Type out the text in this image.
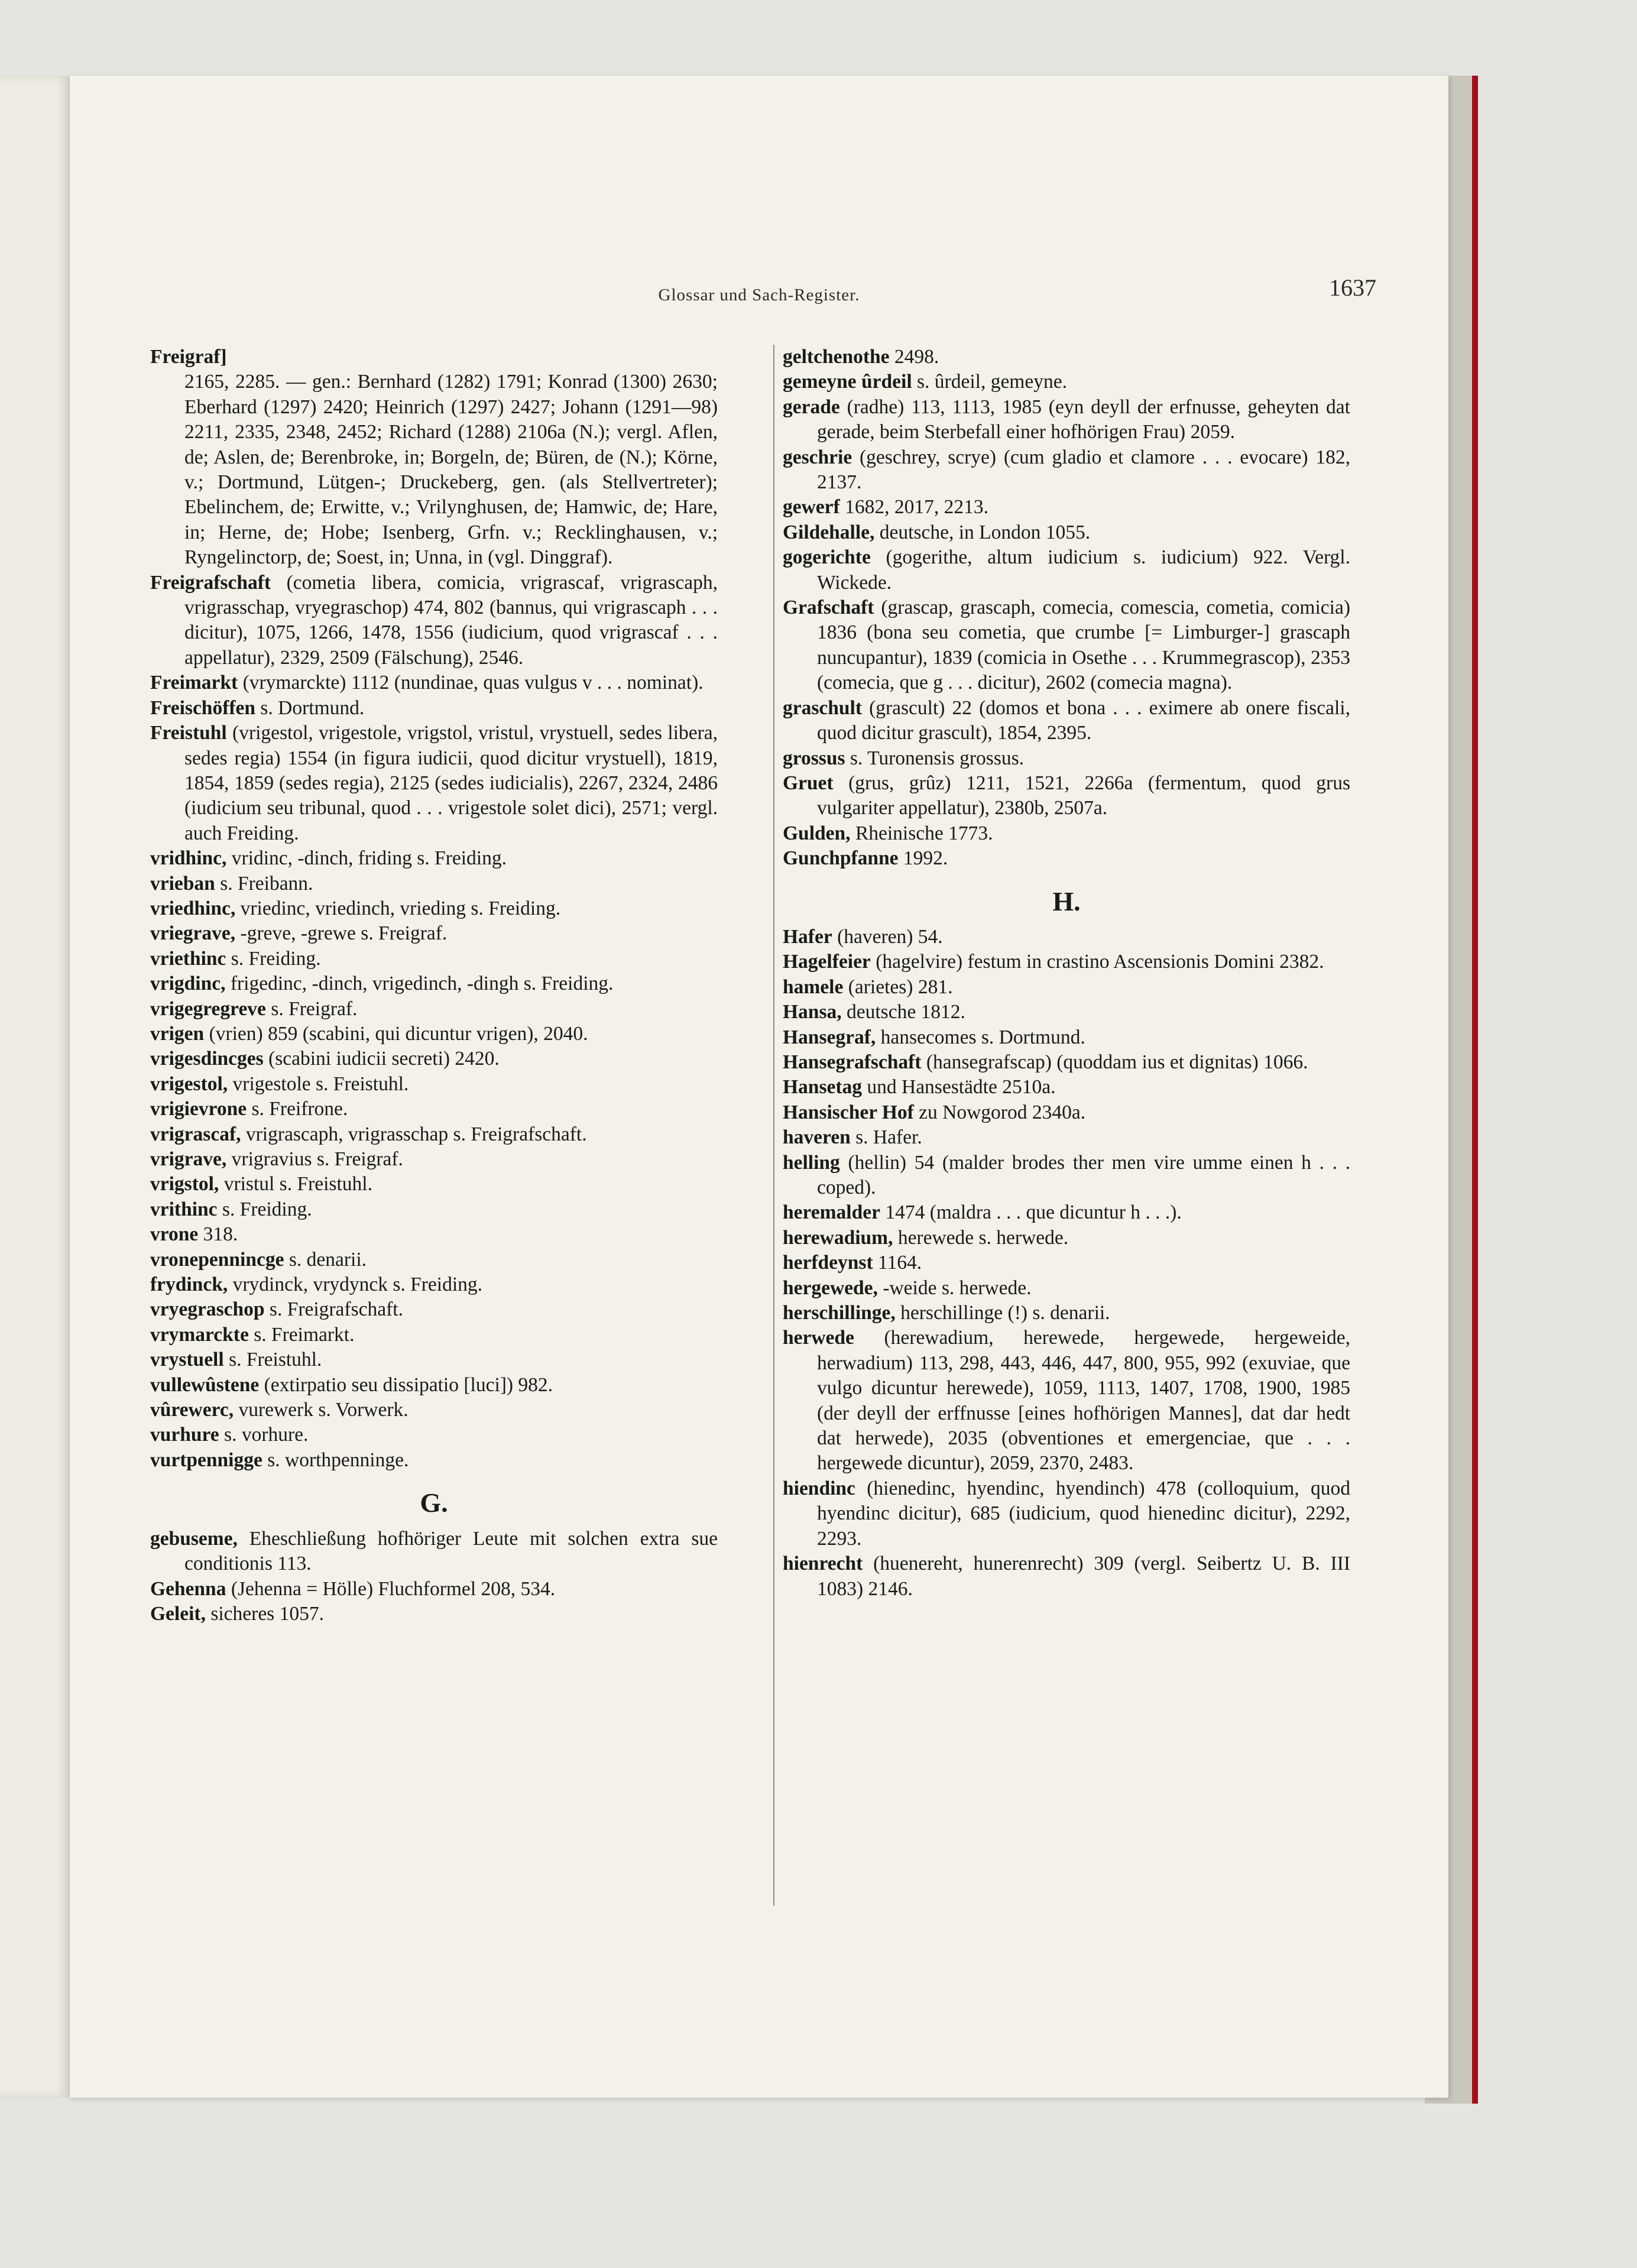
Glossar und Sach-Register.	1637

Freigraf]

2165, 2285. — gen.: Bernhard (1282) 1791; Konrad (1300) 2630; Eberhard (1297) 2420; Heinrich (1297) 2427; Johann (1291—98) 2211, 2335, 2348, 2452; Richard (1288) 2106a (N.); vergl. Aflen, de; Aslen, de; Berenbroke, in; Borgeln, de; Büren, de (N.); Körne, v.; Dortmund, Lütgen-; Druckeberg, gen. (als Stellvertreter); Ebelinchem, de; Erwitte, v.; Vrilynghusen, de; Hamwic, de; Hare, in; Herne, de; Hobe; Isenberg, Grfn. v.; Recklinghausen, v.; Ryngelinctorp, de; Soest, in; Unna, in (vgl. Dinggraf).

Freigrafschaft (cometia libera, comicia, vrigrascaf, vrigrascaph, vrigrasschap, vryegraschop) 474, 802 (bannus, qui vrigrascaph . . . dicitur), 1075, 1266, 1478, 1556 (iudicium, quod vrigrascaf . . . appellatur), 2329, 2509 (Fälschung), 2546.

Freimarkt (vrymarckte) 1112 (nundinae, quas vulgus v . . . nominat).

Freischöffen s. Dortmund.

Freistuhl (vrigestol, vrigestole, vrigstol, vristul, vrystuell, sedes libera, sedes regia) 1554 (in figura iudicii, quod dicitur vrystuell), 1819, 1854, 1859 (sedes regia), 2125 (sedes iudicialis), 2267, 2324, 2486 (iudicium seu tribunal, quod . . . vrigestole solet dici), 2571; vergl. auch Freiding.

vridhinc, vridinc, -dinch, friding s. Freiding.

vrieban s. Freibann.

vriedhinc, vriedinc, vriedinch, vrieding s. Freiding.

vriegrave, -greve, -grewe s. Freigraf.

vriethinc s. Freiding.

vrigdinc, frigedinc, -dinch, vrigedinch, -dingh s. Freiding.

vrigegregreve s. Freigraf.

vrigen (vrien) 859 (scabini, qui dicuntur vrigen), 2040.

vrigesdincges (scabini iudicii secreti) 2420.

vrigestol, vrigestole s. Freistuhl.

vrigievrone s. Freifrone.

vrigrascaf, vrigrascaph, vrigrasschap s. Freigrafschaft.

vrigrave, vrigravius s. Freigraf.

vrigstol, vristul s. Freistuhl.

vrithinc s. Freiding.

vrone 318.

vronepennincge s. denarii.

frydinck, vrydinck, vrydynck s. Freiding.

vryegraschop s. Freigrafschaft.

vrymarckte s. Freimarkt.

vrystuell s. Freistuhl.

vullewûstene (extirpatio seu dissipatio [luci]) 982.

vûrewerc, vurewerk s. Vorwerk.

vurhure s. vorhure.

vurtpennigge s. worthpenninge.

G.

gebuseme, Eheschließung hofhöriger Leute mit solchen extra sue conditionis 113.

Gehenna (Jehenna = Hölle) Fluchformel 208, 534.

Geleit, sicheres 1057.

geltchenothe 2498.

gemeyne ûrdeil s. ûrdeil, gemeyne.

gerade (radhe) 113, 1113, 1985 (eyn deyll der erfnusse, geheyten dat gerade, beim Sterbefall einer hofhörigen Frau) 2059.

geschrie (geschrey, scrye) (cum gladio et clamore . . . evocare) 182, 2137.

gewerf 1682, 2017, 2213.

Gildehalle, deutsche, in London 1055.

gogerichte (gogerithe, altum iudicium s. iudicium) 922. Vergl. Wickede.

Grafschaft (grascap, grascaph, comecia, comescia, cometia, comicia) 1836 (bona seu cometia, que crumbe [= Limburger-] grascaph nuncupantur), 1839 (comicia in Osethe . . . Krummegrascop), 2353 (comecia, que g . . . dicitur), 2602 (comecia magna).

graschult (grascult) 22 (domos et bona . . . eximere ab onere fiscali, quod dicitur grascult), 1854, 2395.

grossus s. Turonensis grossus.

Gruet (grus, grûz) 1211, 1521, 2266a (fermentum, quod grus vulgariter appellatur), 2380b, 2507a.

Gulden, Rheinische 1773.

Gunchpfanne 1992.

H.

Hafer (haveren) 54.

Hagelfeier (hagelvire) festum in crastino Ascensionis Domini 2382.

hamele (arietes) 281.

Hansa, deutsche 1812.

Hansegraf, hansecomes s. Dortmund.

Hansegrafschaft (hansegrafscap) (quoddam ius et dignitas) 1066.

Hansetag und Hansestädte 2510a.

Hansischer Hof zu Nowgorod 2340a.

haveren s. Hafer.

helling (hellin) 54 (malder brodes ther men vire umme einen h . . . coped).

heremalder 1474 (maldra . . . que dicuntur h . . .).

herewadium, herewede s. herwede.

herfdeynst 1164.

hergewede, -weide s. herwede.

herschillinge, herschillinge (!) s. denarii.

herwede (herewadium, herewede, hergewede, hergeweide, herwadium) 113, 298, 443, 446, 447, 800, 955, 992 (exuviae, que vulgo dicuntur herewede), 1059, 1113, 1407, 1708, 1900, 1985 (der deyll der erffnusse [eines hofhörigen Mannes], dat dar hedt dat herwede), 2035 (obventiones et emergenciae, que . . . hergewede dicuntur), 2059, 2370, 2483.

hiendinc (hienedinc, hyendinc, hyendinch) 478 (colloquium, quod hyendinc dicitur), 685 (iudicium, quod hienedinc dicitur), 2292, 2293.

hienrecht (huenereht, hunerenrecht) 309 (vergl. Seibertz U. B. III 1083) 2146.
